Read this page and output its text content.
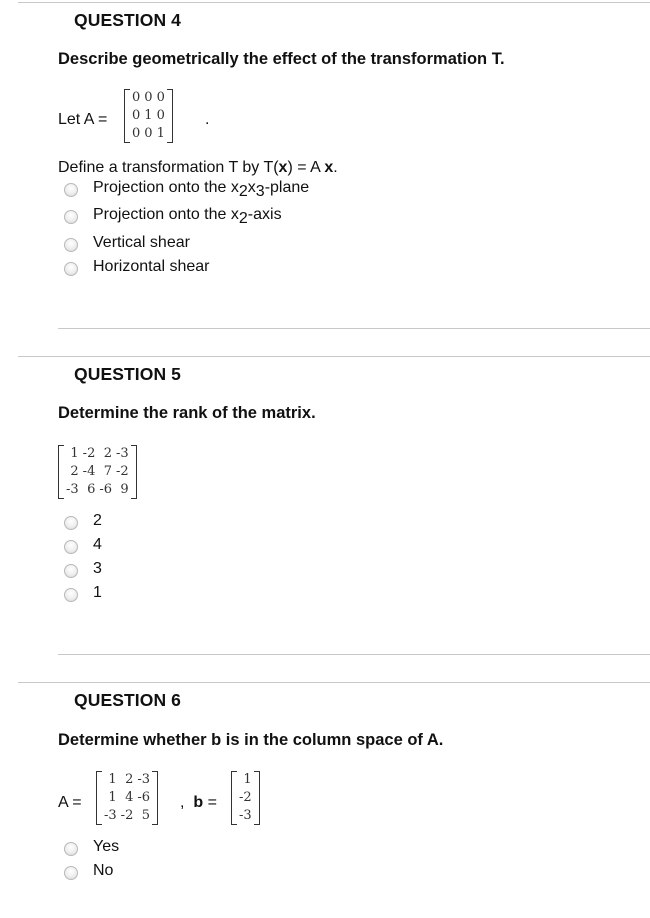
QUESTION 4
Describe geometrically the effect of the transformation T.
Let A =
0	0	0
0	1	0
0	0	1
.
Define a transformation T by T(x) = A x.
Projection onto the $x_2x_3$-plane
Projection onto the $x_2$-axis
Vertical shear
Horizontal shear
QUESTION 5
Determine the rank of the matrix.
1	-2	2	-3
2	-4	7	-2
-3	6	-6	9
2
4
3
1
QUESTION 6
Determine whether b is in the column space of A.
A =
1	2	-3
1	4	-6
-3	-2	5
, b =
1
-2
-3
Yes
No
